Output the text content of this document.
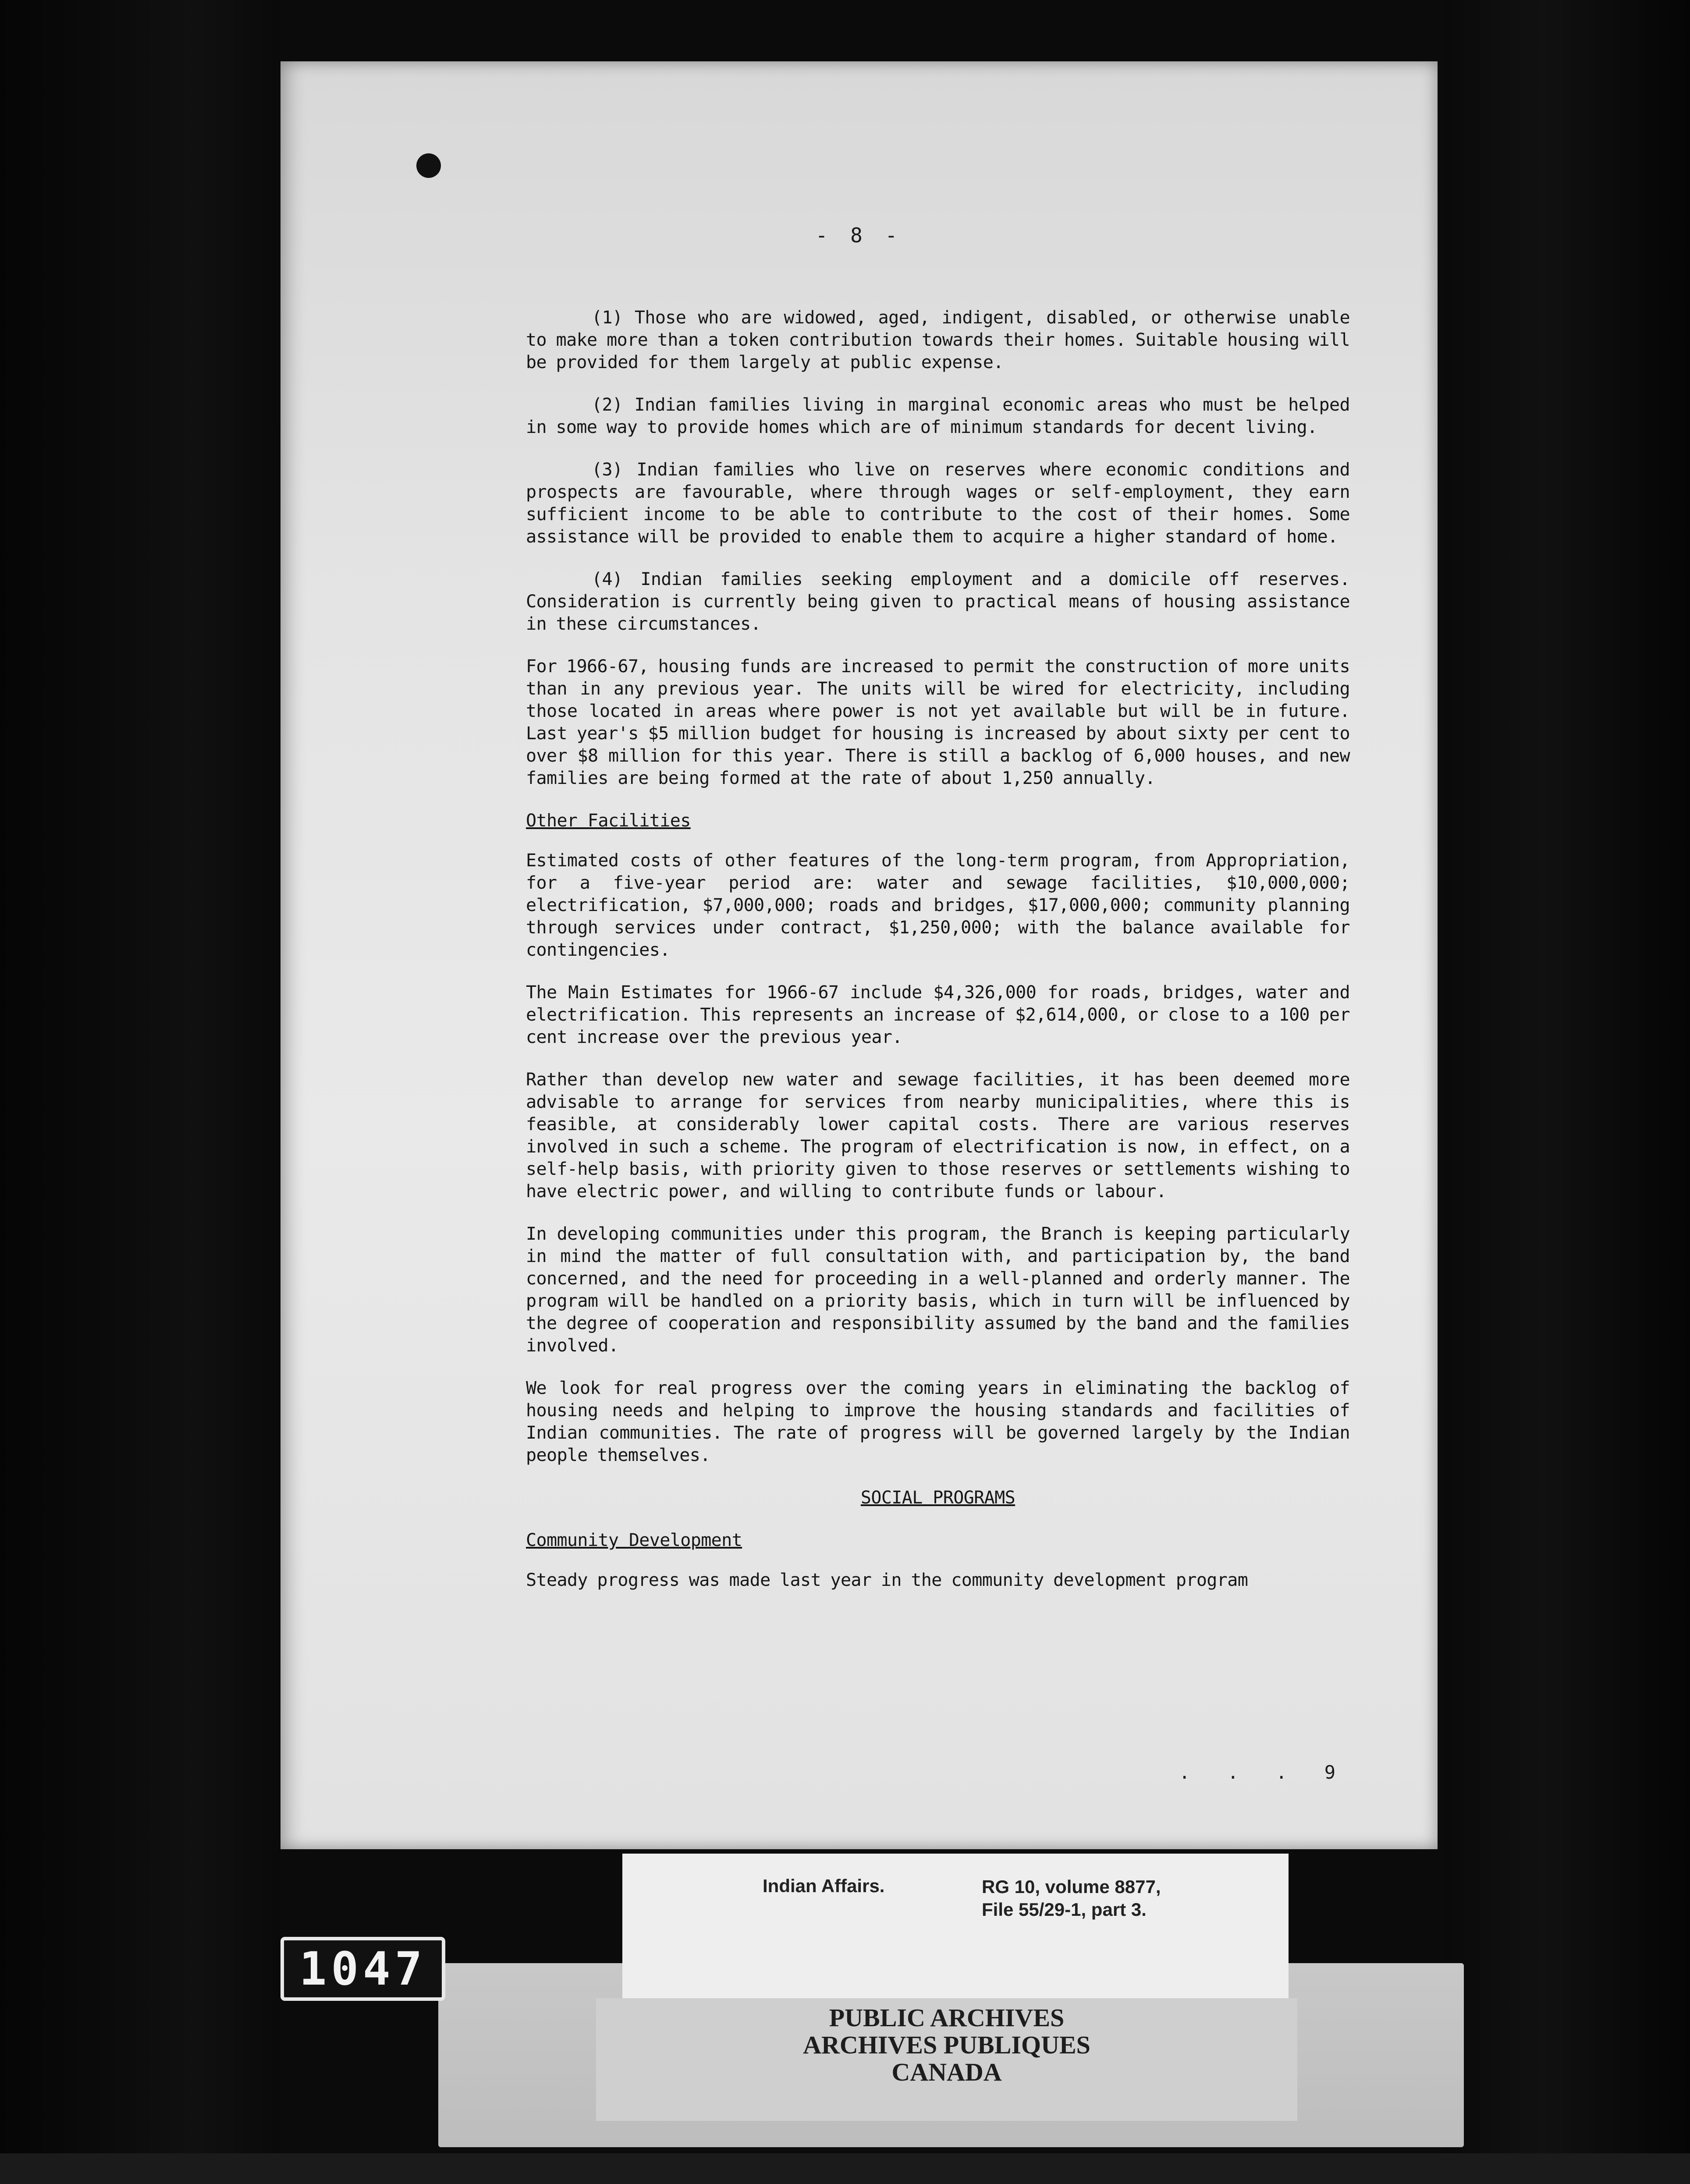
- 8 -

(1) Those who are widowed, aged, indigent, disabled, or otherwise unable to make more than a token contribution towards their homes. Suitable housing will be provided for them largely at public expense.

(2) Indian families living in marginal economic areas who must be helped in some way to provide homes which are of minimum standards for decent living.

(3) Indian families who live on reserves where economic conditions and prospects are favourable, where through wages or self-employment, they earn sufficient income to be able to contribute to the cost of their homes. Some assistance will be provided to enable them to acquire a higher standard of home.

(4) Indian families seeking employment and a domicile off reserves. Consideration is currently being given to practical means of housing assistance in these circumstances.

For 1966-67, housing funds are increased to permit the construction of more units than in any previous year. The units will be wired for electricity, including those located in areas where power is not yet available but will be in future. Last year's $5 million budget for housing is increased by about sixty per cent to over $8 million for this year. There is still a backlog of 6,000 houses, and new families are being formed at the rate of about 1,250 annually.

Other Facilities

Estimated costs of other features of the long-term program, from Appropriation, for a five-year period are: water and sewage facilities, $10,000,000; electrification, $7,000,000; roads and bridges, $17,000,000; community planning through services under contract, $1,250,000; with the balance available for contingencies.

The Main Estimates for 1966-67 include $4,326,000 for roads, bridges, water and electrification. This represents an increase of $2,614,000, or close to a 100 per cent increase over the previous year.

Rather than develop new water and sewage facilities, it has been deemed more advisable to arrange for services from nearby municipalities, where this is feasible, at considerably lower capital costs. There are various reserves involved in such a scheme. The program of electrification is now, in effect, on a self-help basis, with priority given to those reserves or settlements wishing to have electric power, and willing to contribute funds or labour.

In developing communities under this program, the Branch is keeping particularly in mind the matter of full consultation with, and participation by, the band concerned, and the need for proceeding in a well-planned and orderly manner. The program will be handled on a priority basis, which in turn will be influenced by the degree of cooperation and responsibility assumed by the band and the families involved.

We look for real progress over the coming years in eliminating the backlog of housing needs and helping to improve the housing standards and facilities of Indian communities. The rate of progress will be governed largely by the Indian people themselves.

SOCIAL PROGRAMS
Community Development

Steady progress was made last year in the community development program

. . . 9
Indian Affairs.	RG 10, volume 8877,
File 55/29-1, part 3.
PUBLIC ARCHIVES
ARCHIVES PUBLIQUES
CANADA
1047
